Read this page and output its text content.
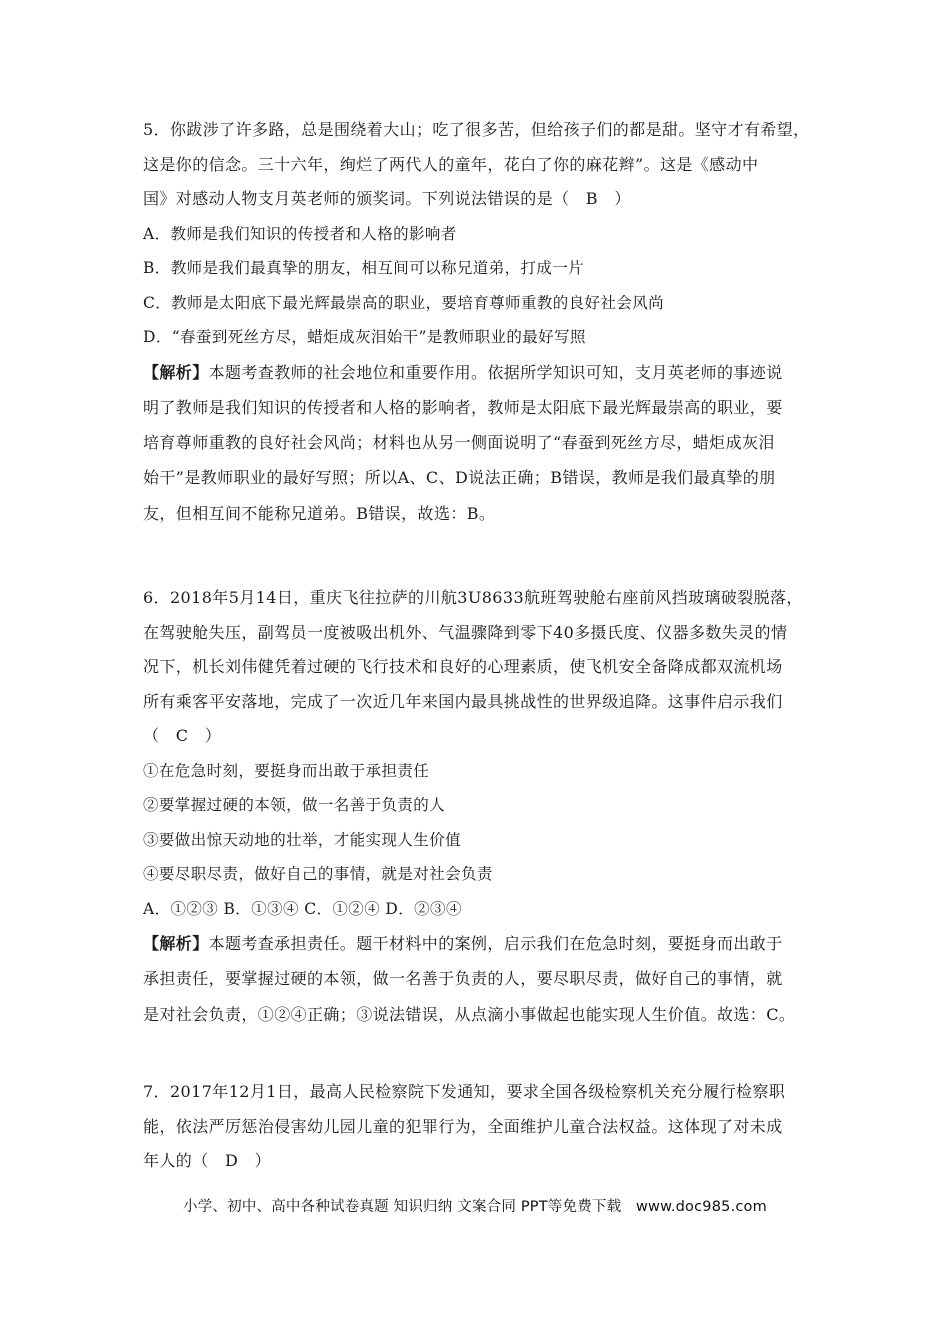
5．你跋涉了许多路，总是围绕着大山；吃了很多苦，但给孩子们的都是甜。坚守才有希望，
这是你的信念。三十六年，绚烂了两代人的童年，花白了你的麻花辫”。这是《感动中
国》对感动人物支月英老师的颁奖词。下列说法错误的是（　B　）
A．教师是我们知识的传授者和人格的影响者
B．教师是我们最真挚的朋友，相互间可以称兄道弟，打成一片
C．教师是太阳底下最光辉最崇高的职业，要培育尊师重教的良好社会风尚
D．“春蚕到死丝方尽，蜡炬成灰泪始干”是教师职业的最好写照
【解析】本题考查教师的社会地位和重要作用。依据所学知识可知，支月英老师的事迹说
明了教师是我们知识的传授者和人格的影响者，教师是太阳底下最光辉最崇高的职业，要
培育尊师重教的良好社会风尚；材料也从另一侧面说明了“春蚕到死丝方尽，蜡炬成灰泪
始干”是教师职业的最好写照；所以A、C、D说法正确；B错误，教师是我们最真挚的朋
友，但相互间不能称兄道弟。B错误，故选：B。
6．2018年5月14日，重庆飞往拉萨的川航3U8633航班驾驶舱右座前风挡玻璃破裂脱落，
在驾驶舱失压，副驾员一度被吸出机外、气温骤降到零下40多摄氏度、仪器多数失灵的情
况下，机长刘伟健凭着过硬的飞行技术和良好的心理素质，使飞机安全备降成都双流机场
所有乘客平安落地，完成了一次近几年来国内最具挑战性的世界级追降。这事件启示我们
（　C　）
①在危急时刻，要挺身而出敢于承担责任
②要掌握过硬的本领，做一名善于负责的人
③要做出惊天动地的壮举，才能实现人生价值
④要尽职尽责，做好自己的事情，就是对社会负责
A．①②③ B．①③④ C．①②④ D．②③④
【解析】本题考查承担责任。题干材料中的案例，启示我们在危急时刻，要挺身而出敢于
承担责任，要掌握过硬的本领，做一名善于负责的人，要尽职尽责，做好自己的事情，就
是对社会负责，①②④正确；③说法错误，从点滴小事做起也能实现人生价值。故选：C。
7．2017年12月1日，最高人民检察院下发通知，要求全国各级检察机关充分履行检察职
能，依法严厉惩治侵害幼儿园儿童的犯罪行为，全面维护儿童合法权益。这体现了对未成
年人的（　D　）
小学、初中、高中各种试卷真题 知识归纳 文案合同 PPT等免费下载　www.doc985.com
